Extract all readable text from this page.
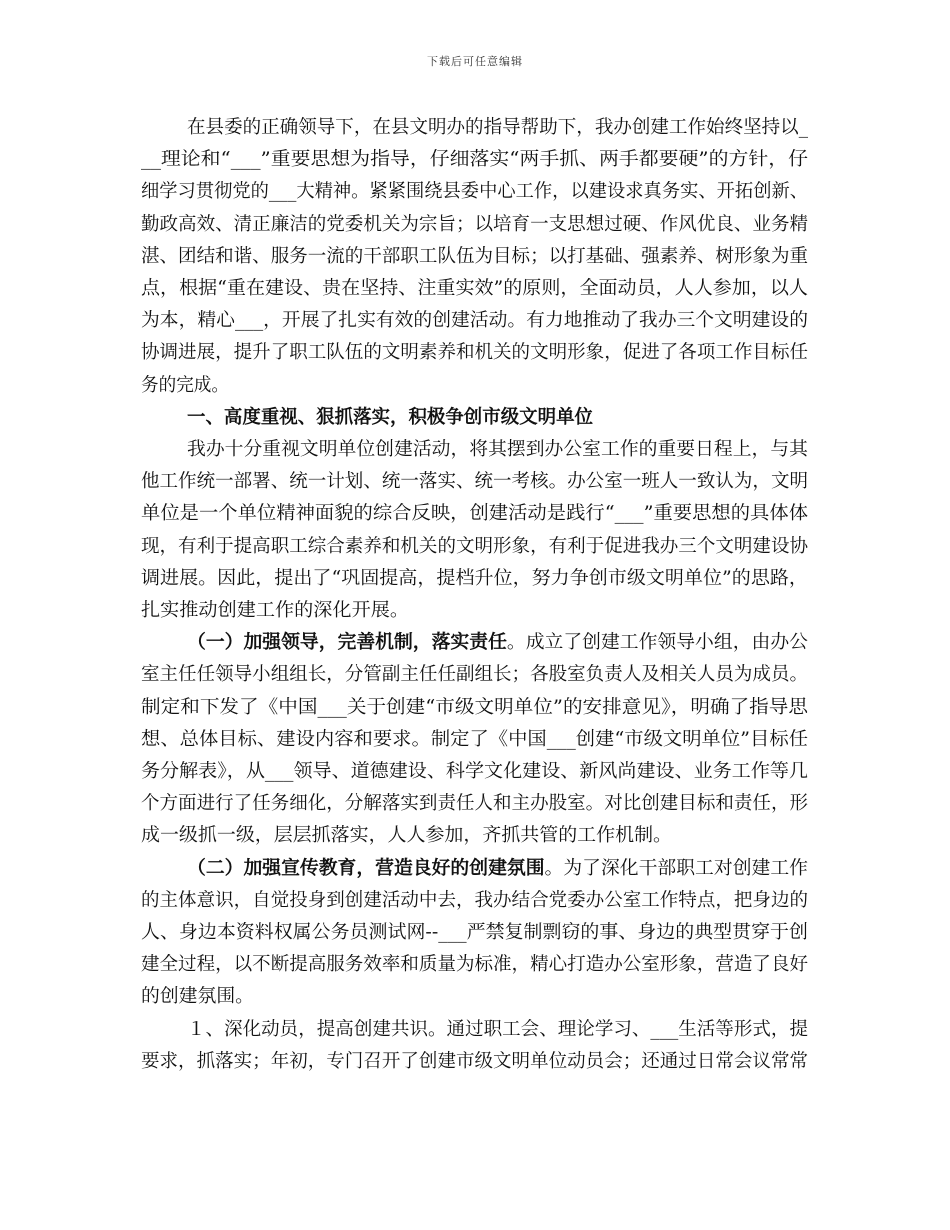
下载后可任意编辑
在县委的正确领导下，在县文明办的指导帮助下，我办创建工作始终坚持以_
__理论和“___”重要思想为指导，仔细落实“两手抓、两手都要硬”的方针，仔
细学习贯彻党的___大精神。紧紧围绕县委中心工作，以建设求真务实、开拓创新、
勤政高效、清正廉洁的党委机关为宗旨；以培育一支思想过硬、作风优良、业务精
湛、团结和谐、服务一流的干部职工队伍为目标；以打基础、强素养、树形象为重
点，根据“重在建设、贵在坚持、注重实效”的原则，全面动员，人人参加，以人
为本，精心___，开展了扎实有效的创建活动。有力地推动了我办三个文明建设的
协调进展，提升了职工队伍的文明素养和机关的文明形象，促进了各项工作目标任
务的完成。
一、高度重视、狠抓落实，积极争创市级文明单位
我办十分重视文明单位创建活动，将其摆到办公室工作的重要日程上，与其
他工作统一部署、统一计划、统一落实、统一考核。办公室一班人一致认为，文明
单位是一个单位精神面貌的综合反映，创建活动是践行“___”重要思想的具体体
现，有利于提高职工综合素养和机关的文明形象，有利于促进我办三个文明建设协
调进展。因此，提出了“巩固提高，提档升位，努力争创市级文明单位”的思路，
扎实推动创建工作的深化开展。
（一）加强领导，完善机制，落实责任。成立了创建工作领导小组，由办公
室主任任领导小组组长，分管副主任任副组长；各股室负责人及相关人员为成员。
制定和下发了《中国___关于创建“市级文明单位”的安排意见》，明确了指导思
想、总体目标、建设内容和要求。制定了《中国___创建“市级文明单位”目标任
务分解表》，从___领导、道德建设、科学文化建设、新风尚建设、业务工作等几
个方面进行了任务细化，分解落实到责任人和主办股室。对比创建目标和责任，形
成一级抓一级，层层抓落实，人人参加，齐抓共管的工作机制。
（二）加强宣传教育，营造良好的创建氛围。为了深化干部职工对创建工作
的主体意识，自觉投身到创建活动中去，我办结合党委办公室工作特点，把身边的
人、身边本资料权属公务员测试网--___严禁复制剽窃的事、身边的典型贯穿于创
建全过程，以不断提高服务效率和质量为标准，精心打造办公室形象，营造了良好
的创建氛围。
１、深化动员，提高创建共识。通过职工会、理论学习、___生活等形式，提
要求，抓落实；年初，专门召开了创建市级文明单位动员会；还通过日常会议常常
